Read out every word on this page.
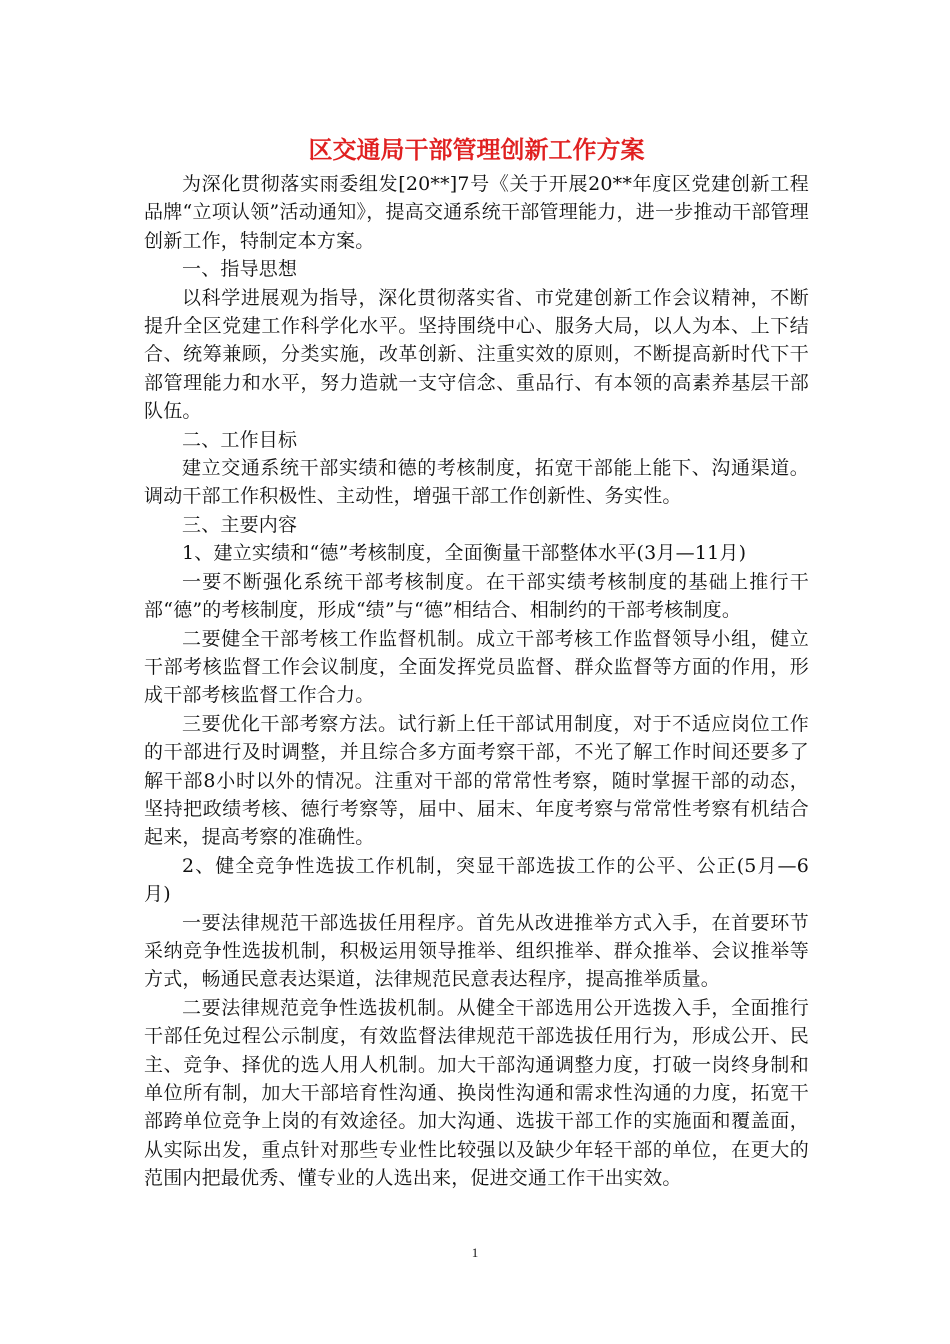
区交通局干部管理创新工作方案

为深化贯彻落实雨委组发[20**]7号《关于开展20**年度区党建创新工程品牌“立项认领”活动通知》，提高交通系统干部管理能力，进一步推动干部管理创新工作，特制定本方案。

一、指导思想

以科学进展观为指导，深化贯彻落实省、市党建创新工作会议精神，不断提升全区党建工作科学化水平。坚持围绕中心、服务大局，以人为本、上下结合、统筹兼顾，分类实施，改革创新、注重实效的原则，不断提高新时代下干部管理能力和水平，努力造就一支守信念、重品行、有本领的高素养基层干部队伍。

二、工作目标

建立交通系统干部实绩和德的考核制度，拓宽干部能上能下、沟通渠道。调动干部工作积极性、主动性，增强干部工作创新性、务实性。

三、主要内容

1、建立实绩和“德”考核制度，全面衡量干部整体水平(3月—11月)

一要不断强化系统干部考核制度。在干部实绩考核制度的基础上推行干部“德”的考核制度，形成“绩”与“德”相结合、相制约的干部考核制度。

二要健全干部考核工作监督机制。成立干部考核工作监督领导小组，健立干部考核监督工作会议制度，全面发挥党员监督、群众监督等方面的作用，形成干部考核监督工作合力。

三要优化干部考察方法。试行新上任干部试用制度，对于不适应岗位工作的干部进行及时调整，并且综合多方面考察干部，不光了解工作时间还要多了解干部8小时以外的情况。注重对干部的常常性考察，随时掌握干部的动态，坚持把政绩考核、德行考察等，届中、届末、年度考察与常常性考察有机结合起来，提高考察的准确性。

2、健全竞争性选拔工作机制，突显干部选拔工作的公平、公正(5月—6月)

一要法律规范干部选拔任用程序。首先从改进推举方式入手，在首要环节采纳竞争性选拔机制，积极运用领导推举、组织推举、群众推举、会议推举等方式，畅通民意表达渠道，法律规范民意表达程序，提高推举质量。

二要法律规范竞争性选拔机制。从健全干部选用公开选拨入手，全面推行干部任免过程公示制度，有效监督法律规范干部选拔任用行为，形成公开、民主、竞争、择优的选人用人机制。加大干部沟通调整力度，打破一岗终身制和单位所有制，加大干部培育性沟通、换岗性沟通和需求性沟通的力度，拓宽干部跨单位竞争上岗的有效途径。加大沟通、选拔干部工作的实施面和覆盖面，从实际出发，重点针对那些专业性比较强以及缺少年轻干部的单位，在更大的范围内把最优秀、懂专业的人选出来，促进交通工作干出实效。

1
